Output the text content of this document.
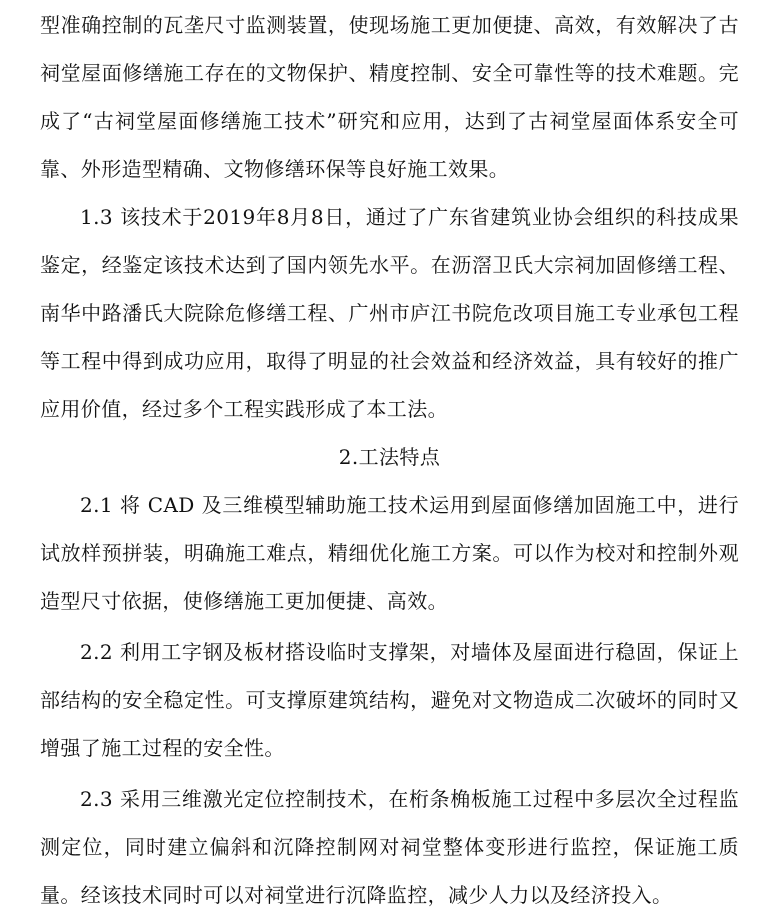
型准确控制的瓦垄尺寸监测装置，使现场施工更加便捷、高效，有效解决了古祠堂屋面修缮施工存在的文物保护、精度控制、安全可靠性等的技术难题。完成了“古祠堂屋面修缮施工技术”研究和应用，达到了古祠堂屋面体系安全可靠、外形造型精确、文物修缮环保等良好施工效果。

1.3 该技术于2019年8月8日，通过了广东省建筑业协会组织的科技成果鉴定，经鉴定该技术达到了国内领先水平。在沥滘卫氏大宗祠加固修缮工程、南华中路潘氏大院除危修缮工程、广州市庐江书院危改项目施工专业承包工程等工程中得到成功应用，取得了明显的社会效益和经济效益，具有较好的推广应用价值，经过多个工程实践形成了本工法。

2.工法特点

2.1 将 CAD 及三维模型辅助施工技术运用到屋面修缮加固施工中，进行试放样预拼装，明确施工难点，精细优化施工方案。可以作为校对和控制外观造型尺寸依据，使修缮施工更加便捷、高效。

2.2 利用工字钢及板材搭设临时支撑架，对墙体及屋面进行稳固，保证上部结构的安全稳定性。可支撑原建筑结构，避免对文物造成二次破坏的同时又增强了施工过程的安全性。

2.3 采用三维激光定位控制技术，在桁条桷板施工过程中多层次全过程监测定位，同时建立偏斜和沉降控制网对祠堂整体变形进行监控，保证施工质量。经该技术同时可以对祠堂进行沉降监控，减少人力以及经济投入。
